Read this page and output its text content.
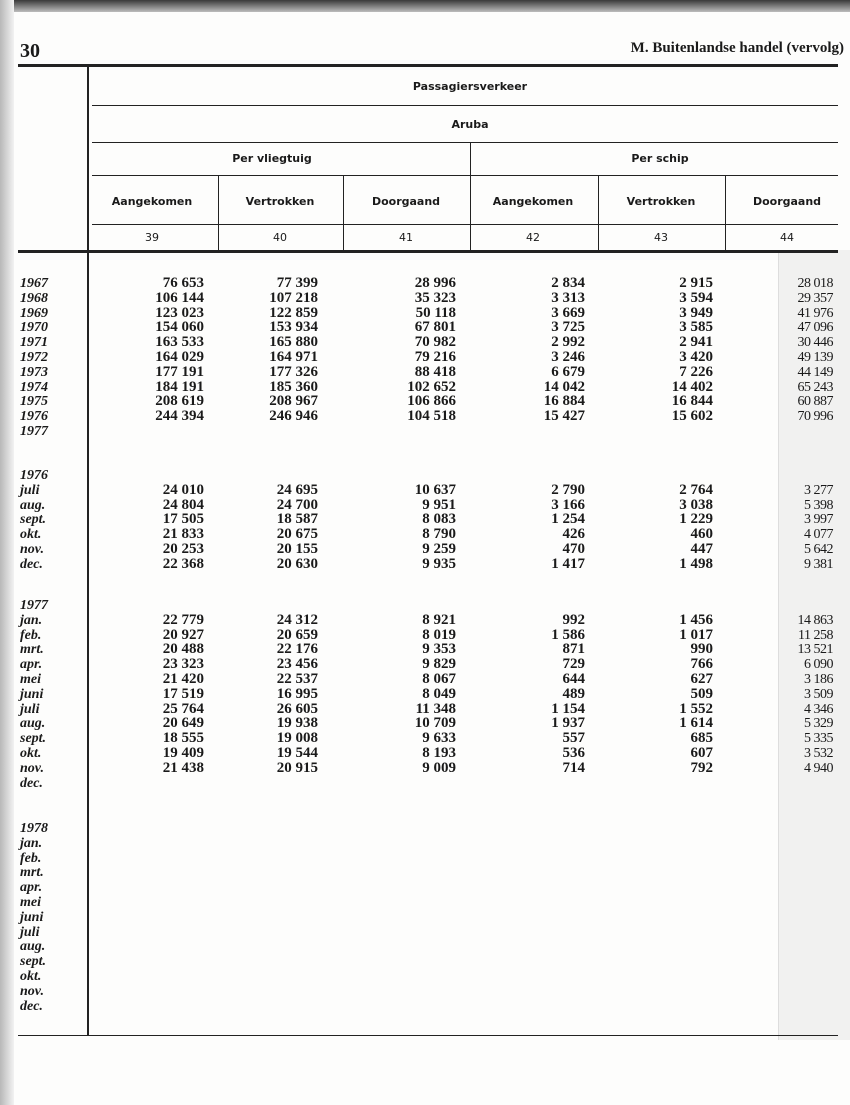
30	M. Buitenlandse handel (vervolg)
Passagiersverkeer
Aruba
Per vliegtuig	Per schip
Aangekomen	Vertrokken	Doorgaand	Aangekomen	Vertrokken	Doorgaand
39	40	41	42	43	44
1967	76 653	77 399	28 996	2 834	2 915	28 018
1968	106 144	107 218	35 323	3 313	3 594	29 357
1969	123 023	122 859	50 118	3 669	3 949	41 976
1970	154 060	153 934	67 801	3 725	3 585	47 096
1971	163 533	165 880	70 982	2 992	2 941	30 446
1972	164 029	164 971	79 216	3 246	3 420	49 139
1973	177 191	177 326	88 418	6 679	7 226	44 149
1974	184 191	185 360	102 652	14 042	14 402	65 243
1975	208 619	208 967	106 866	16 884	16 844	60 887
1976	244 394	246 946	104 518	15 427	15 602	70 996
1977
1976
juli	24 010	24 695	10 637	2 790	2 764	3 277
aug.	24 804	24 700	9 951	3 166	3 038	5 398
sept.	17 505	18 587	8 083	1 254	1 229	3 997
okt.	21 833	20 675	8 790	426	460	4 077
nov.	20 253	20 155	9 259	470	447	5 642
dec.	22 368	20 630	9 935	1 417	1 498	9 381
1977
jan.	22 779	24 312	8 921	992	1 456	14 863
feb.	20 927	20 659	8 019	1 586	1 017	11 258
mrt.	20 488	22 176	9 353	871	990	13 521
apr.	23 323	23 456	9 829	729	766	6 090
mei	21 420	22 537	8 067	644	627	3 186
juni	17 519	16 995	8 049	489	509	3 509
juli	25 764	26 605	11 348	1 154	1 552	4 346
aug.	20 649	19 938	10 709	1 937	1 614	5 329
sept.	18 555	19 008	9 633	557	685	5 335
okt.	19 409	19 544	8 193	536	607	3 532
nov.	21 438	20 915	9 009	714	792	4 940
dec.
1978
jan.
feb.
mrt.
apr.
mei
juni
juli
aug.
sept.
okt.
nov.
dec.
